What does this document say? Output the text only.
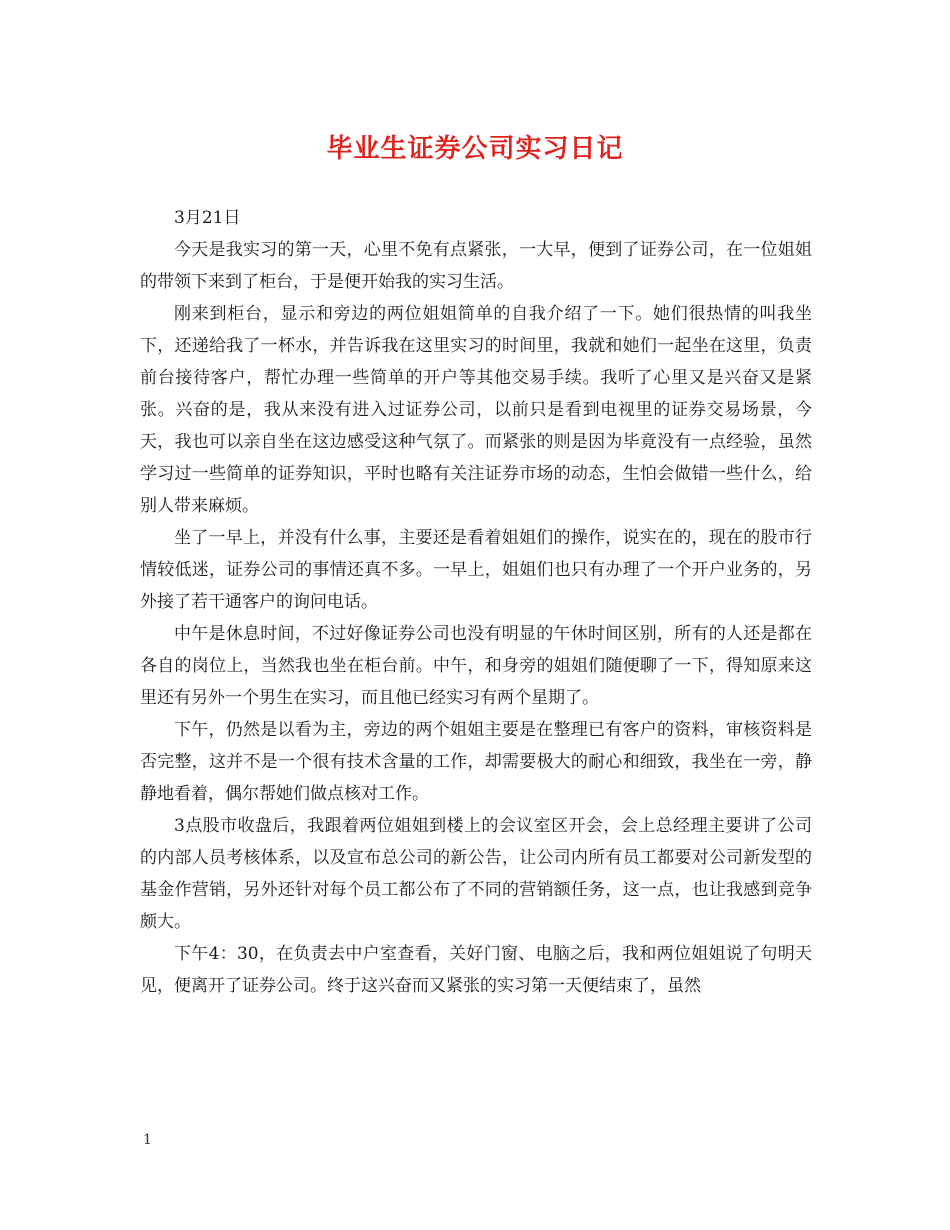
毕业生证券公司实习日记

3月21日

今天是我实习的第一天，心里不免有点紧张，一大早，便到了证券公司，在一位姐姐的带领下来到了柜台，于是便开始我的实习生活。

刚来到柜台，显示和旁边的两位姐姐简单的自我介绍了一下。她们很热情的叫我坐下，还递给我了一杯水，并告诉我在这里实习的时间里，我就和她们一起坐在这里，负责前台接待客户，帮忙办理一些简单的开户等其他交易手续。我听了心里又是兴奋又是紧张。兴奋的是，我从来没有进入过证券公司，以前只是看到电视里的证券交易场景，今天，我也可以亲自坐在这边感受这种气氛了。而紧张的则是因为毕竟没有一点经验，虽然学习过一些简单的证券知识，平时也略有关注证券市场的动态，生怕会做错一些什么，给别人带来麻烦。

坐了一早上，并没有什么事，主要还是看着姐姐们的操作，说实在的，现在的股市行情较低迷，证券公司的事情还真不多。一早上，姐姐们也只有办理了一个开户业务的，另外接了若干通客户的询问电话。

中午是休息时间，不过好像证券公司也没有明显的午休时间区别，所有的人还是都在各自的岗位上，当然我也坐在柜台前。中午，和身旁的姐姐们随便聊了一下，得知原来这里还有另外一个男生在实习，而且他已经实习有两个星期了。

下午，仍然是以看为主，旁边的两个姐姐主要是在整理已有客户的资料，审核资料是否完整，这并不是一个很有技术含量的工作，却需要极大的耐心和细致，我坐在一旁，静静地看着，偶尔帮她们做点核对工作。

3点股市收盘后，我跟着两位姐姐到楼上的会议室区开会，会上总经理主要讲了公司的内部人员考核体系，以及宣布总公司的新公告，让公司内所有员工都要对公司新发型的基金作营销，另外还针对每个员工都公布了不同的营销额任务，这一点，也让我感到竞争颇大。

下午4：30，在负责去中户室查看，关好门窗、电脑之后，我和两位姐姐说了句明天见，便离开了证券公司。终于这兴奋而又紧张的实习第一天便结束了，虽然

1
